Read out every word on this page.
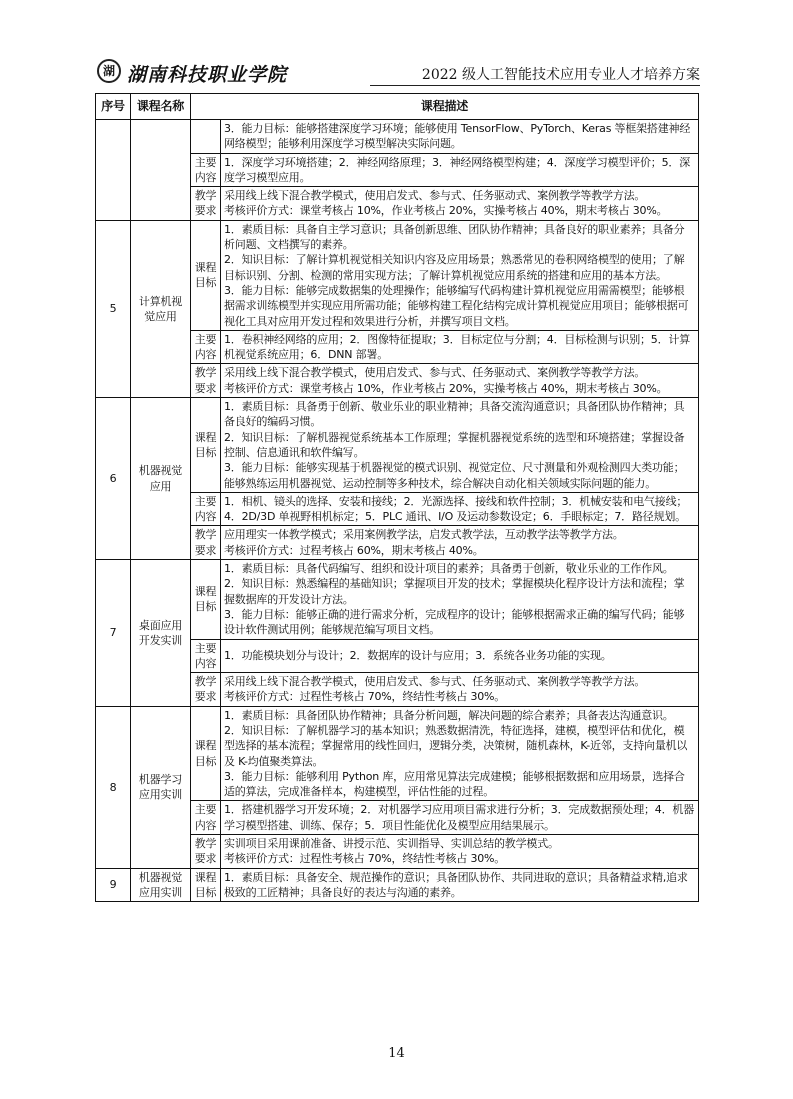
湖 湖南科技职业学院	2022 级人工智能技术应用专业人才培养方案
序号	课程名称	课程描述	

			3．能力目标：能够搭建深度学习环境；能够使用 TensorFlow、PyTorch、Keras 等框架搭建神经网络模型；能够利用深度学习模型解决实际问题。

		主要内容	1．深度学习环境搭建；2．神经网络原理；3．神经网络模型构建；4．深度学习模型评价；5．深度学习模型应用。
		教学要求	采用线上线下混合教学模式，使用启发式、参与式、任务驱动式、案例教学等教学方法。

考核评价方式：课堂考核占 10%，作业考核占 20%，实操考核占 40%，期末考核占 30%。

5	计算机视觉应用	课程目标	1．素质目标：具备自主学习意识；具备创新思维、团队协作精神；具备良好的职业素养；具备分析问题、文档撰写的素养。

2．知识目标：了解计算机视觉相关知识内容及应用场景；熟悉常见的卷积网络模型的使用；了解目标识别、分割、检测的常用实现方法；了解计算机视觉应用系统的搭建和应用的基本方法。

3．能力目标：能够完成数据集的处理操作；能够编写代码构建计算机视觉应用需需模型；能够根据需求训练模型并实现应用所需功能；能够构建工程化结构完成计算机视觉应用项目；能够根据可视化工具对应用开发过程和效果进行分析，并撰写项目文档。

		主要内容	1．卷积神经网络的应用；2．图像特征提取；3．目标定位与分割；4．目标检测与识别；5．计算机视觉系统应用；6．DNN 部署。
		教学要求	采用线上线下混合教学模式，使用启发式、参与式、任务驱动式、案例教学等教学方法。

考核评价方式：课堂考核占 10%，作业考核占 20%，实操考核占 40%，期末考核占 30%。

6	机器视觉应用	课程目标	1．素质目标：具备勇于创新、敬业乐业的职业精神；具备交流沟通意识；具备团队协作精神；具备良好的编码习惯。

2．知识目标：了解机器视觉系统基本工作原理；掌握机器视觉系统的选型和环境搭建；掌握设备控制、信息通讯和软件编写。

3．能力目标：能够实现基于机器视觉的模式识别、视觉定位、尺寸测量和外观检测四大类功能；能够熟练运用机器视觉、运动控制等多种技术，综合解决自动化相关领域实际问题的能力。

		主要内容	1．相机、镜头的选择、安装和接线；2．光源选择、接线和软件控制；3．机械安装和电气接线；4．2D/3D 单视野相机标定；5．PLC 通讯、I/O 及运动参数设定；6．手眼标定；7．路径规划。
		教学要求	应用理实一体教学模式；采用案例教学法，启发式教学法，互动教学法等教学方法。

考核评价方式：过程考核占 60%，期末考核占 40%。

7	桌面应用开发实训	课程目标	1．素质目标：具备代码编写、组织和设计项目的素养；具备勇于创新，敬业乐业的工作作风。

2．知识目标：熟悉编程的基础知识；掌握项目开发的技术；掌握模块化程序设计方法和流程；掌握数据库的开发设计方法。

3．能力目标：能够正确的进行需求分析，完成程序的设计；能够根据需求正确的编写代码；能够设计软件测试用例；能够规范编写项目文档。

		主要内容	1．功能模块划分与设计；2．数据库的设计与应用；3．系统各业务功能的实现。
		教学要求	采用线上线下混合教学模式，使用启发式、参与式、任务驱动式、案例教学等教学方法。

考核评价方式：过程性考核占 70%，终结性考核占 30%。

8	机器学习应用实训	课程目标	1．素质目标：具备团队协作精神；具备分析问题，解决问题的综合素养；具备表达沟通意识。

2．知识目标：了解机器学习的基本知识；熟悉数据清洗，特征选择，建模，模型评估和优化，模型选择的基本流程；掌握常用的线性回归，逻辑分类，决策树，随机森林，K-近邻，支持向量机以及 K-均值聚类算法。

3．能力目标：能够利用 Python 库，应用常见算法完成建模；能够根据数据和应用场景，选择合适的算法，完成准备样本，构建模型，评估性能的过程。

		主要内容	1．搭建机器学习开发环境；2．对机器学习应用项目需求进行分析；3．完成数据预处理；4．机器学习模型搭建、训练、保存；5．项目性能优化及模型应用结果展示。
		教学要求	实训项目采用课前准备、讲授示范、实训指导、实训总结的教学模式。

考核评价方式：过程性考核占 70%，终结性考核占 30%。

9	机器视觉应用实训	课程目标	1．素质目标：具备安全、规范操作的意识；具备团队协作、共同进取的意识；具备精益求精,追求极致的工匠精神；具备良好的表达与沟通的素养。

14
